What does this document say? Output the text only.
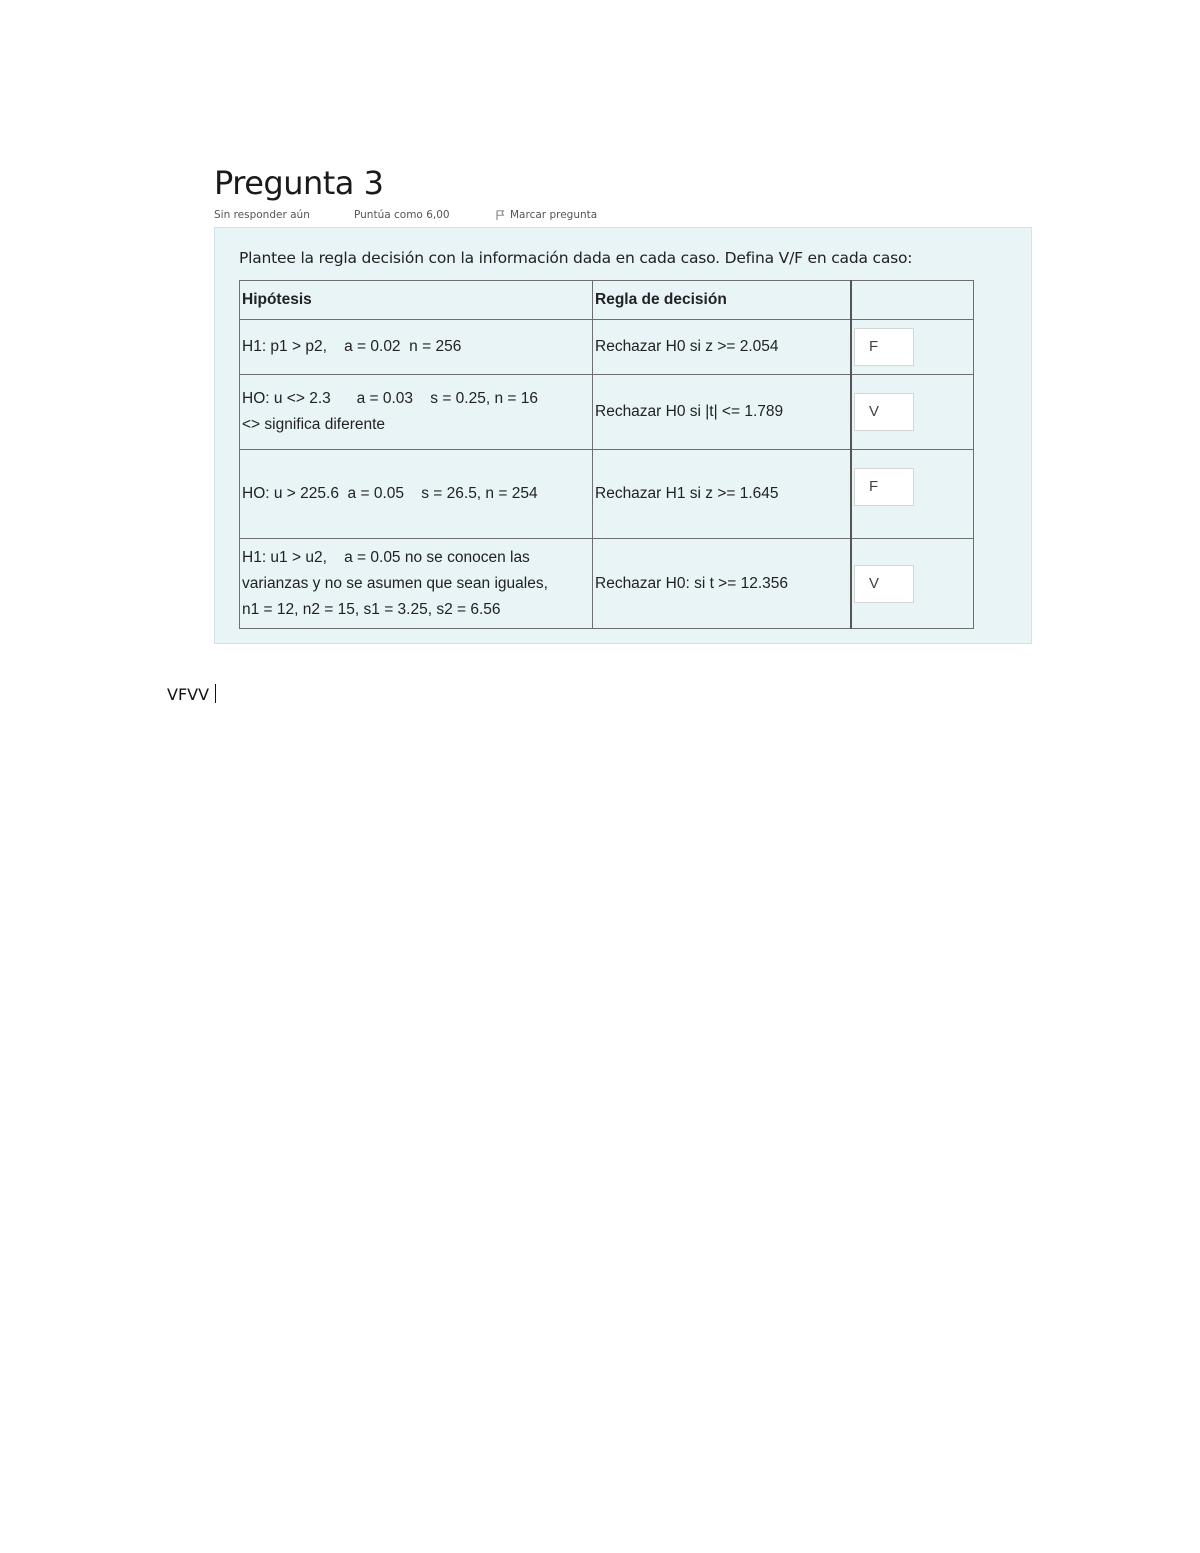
Pregunta 3
Sin responder aún	Puntúa como 6,00	Marcar pregunta

Plantee la regla decisión con la información dada en cada caso. Defina V/F en cada caso:

Hipótesis	Regla de decisión	
H1: p1 > p2,    a = 0.02  n = 256	Rechazar H0 si z >= 2.054	F

HO: u <> 2.3      a = 0.03    s = 0.25, n = 16
<> significa diferente	Rechazar H0 si |t| <= 1.789	V

HO: u > 225.6  a = 0.05    s = 26.5, n = 254	Rechazar H1 si z >= 1.645	F

H1: u1 > u2,    a = 0.05 no se conocen las
varianzas y no se asumen que sean iguales,
n1 = 12, n2 = 15, s1 = 3.25, s2 = 6.56	Rechazar H0: si t >= 12.356	V
VFVV
